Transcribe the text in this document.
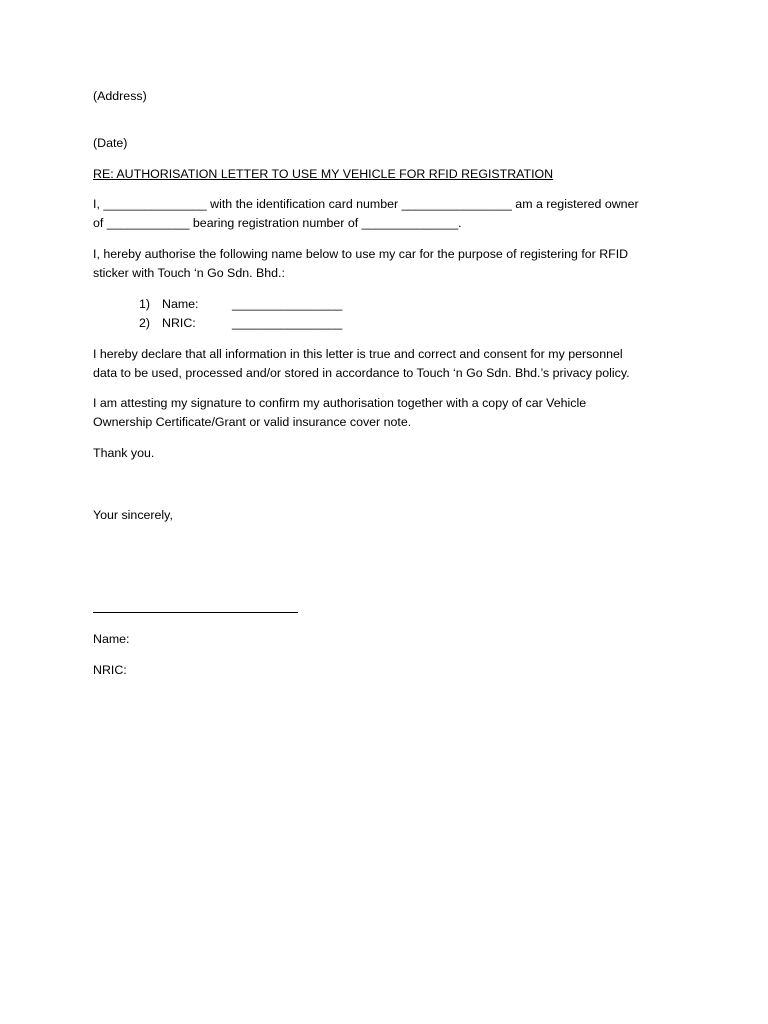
(Address)
(Date)
RE: AUTHORISATION LETTER TO USE MY VEHICLE FOR RFID REGISTRATION
I, _______________ with the identification card number ________________ am a registered owner
of ____________ bearing registration number of ______________.
I, hereby authorise the following name below to use my car for the purpose of registering for RFID
sticker with Touch ‘n Go Sdn. Bhd.:
1) Name:	________________
2) NRIC:	________________
I hereby declare that all information in this letter is true and correct and consent for my personnel
data to be used, processed and/or stored in accordance to Touch ‘n Go Sdn. Bhd.’s privacy policy.
I am attesting my signature to confirm my authorisation together with a copy of car Vehicle
Ownership Certificate/Grant or valid insurance cover note.
Thank you.
Your sincerely,
Name:
NRIC:
